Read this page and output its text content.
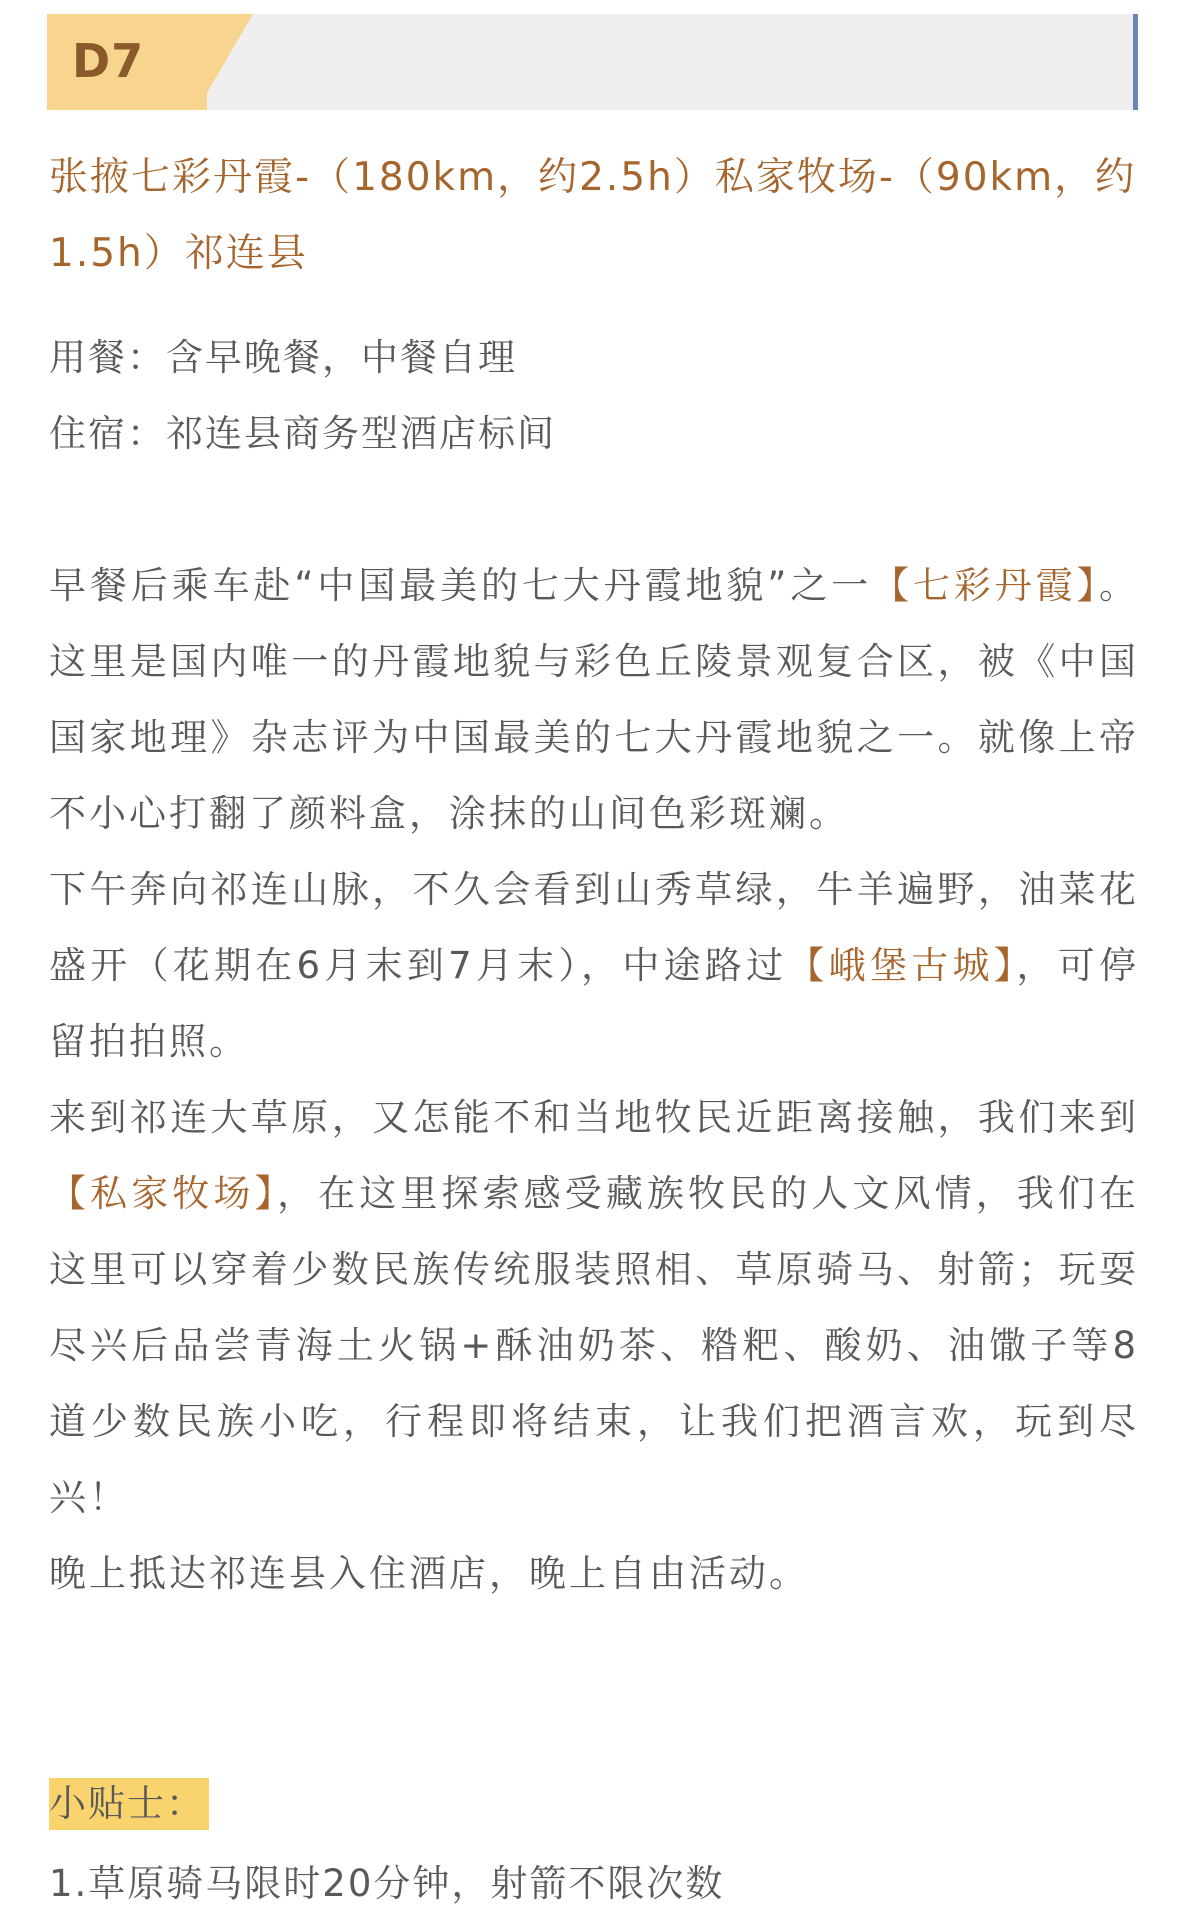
D7
张掖七彩丹霞-（180km，约2.5h）私家牧场-（90km，约1.5h）祁连县
用餐：含早晚餐，中餐自理
住宿：祁连县商务型酒店标间

早餐后乘车赴“中国最美的七大丹霞地貌”之一【七彩丹霞】。这里是国内唯一的丹霞地貌与彩色丘陵景观复合区，被《中国国家地理》杂志评为中国最美的七大丹霞地貌之一。就像上帝不小心打翻了颜料盒，涂抹的山间色彩斑斓。

下午奔向祁连山脉，不久会看到山秀草绿，牛羊遍野，油菜花盛开（花期在6月末到7月末），中途路过【峨堡古城】，可停留拍拍照。

来到祁连大草原，又怎能不和当地牧民近距离接触，我们来到【私家牧场】，在这里探索感受藏族牧民的人文风情，我们在这里可以穿着少数民族传统服装照相、草原骑马、射箭；玩耍尽兴后品尝青海土火锅+酥油奶茶、糌粑、酸奶、油馓子等8道少数民族小吃，行程即将结束，让我们把酒言欢，玩到尽兴！

晚上抵达祁连县入住酒店，晚上自由活动。

小贴士：
1.草原骑马限时20分钟，射箭不限次数
